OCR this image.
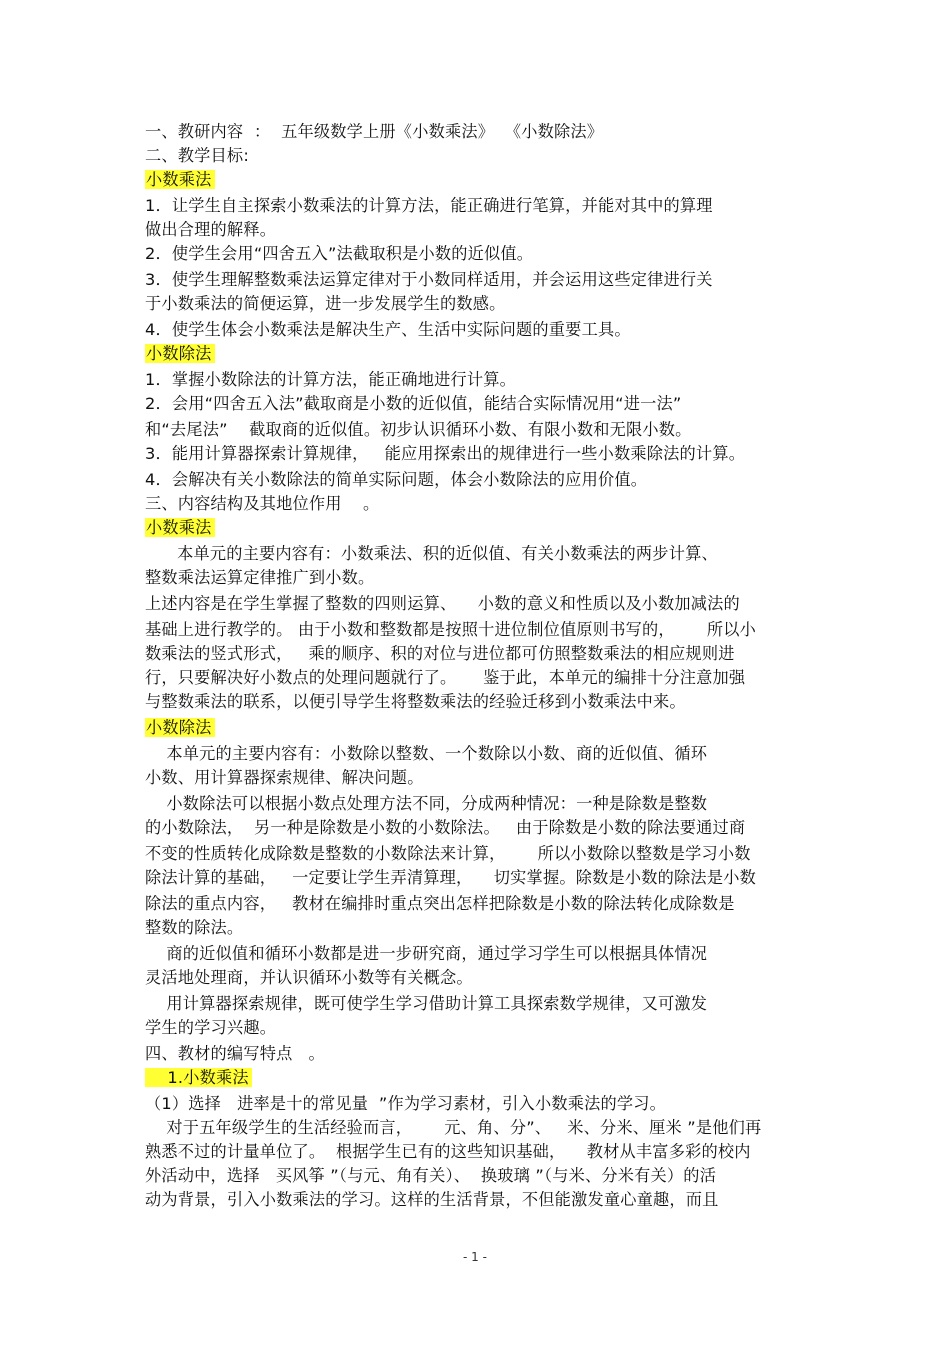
一、教研内容  ：  五年级数学上册《小数乘法》  《小数除法》
二、教学目标:
小数乘法
1．让学生自主探索小数乘法的计算方法，能正确进行笔算，并能对其中的算理
做出合理的解释。
2．使学生会用“四舍五入”法截取积是小数的近似值。
3．使学生理解整数乘法运算定律对于小数同样适用，并会运用这些定律进行关
于小数乘法的简便运算，进一步发展学生的数感。
4．使学生体会小数乘法是解决生产、生活中实际问题的重要工具。
小数除法
1．掌握小数除法的计算方法，能正确地进行计算。
2．会用“四舍五入法”截取商是小数的近似值，能结合实际情况用“进一法”
和“去尾法”    截取商的近似值。初步认识循环小数、有限小数和无限小数。
3．能用计算器探索计算规律，   能应用探索出的规律进行一些小数乘除法的计算。
4．会解决有关小数除法的简单实际问题，体会小数除法的应用价值。
三、内容结构及其地位作用    。
小数乘法
本单元的主要内容有：小数乘法、积的近似值、有关小数乘法的两步计算、
整数乘法运算定律推广到小数。
上述内容是在学生掌握了整数的四则运算、    小数的意义和性质以及小数加减法的
基础上进行教学的。 由于小数和整数都是按照十进位制位值原则书写的，      所以小
数乘法的竖式形式，   乘的顺序、积的对位与进位都可仿照整数乘法的相应规则进
行，只要解决好小数点的处理问题就行了。     鉴于此，本单元的编排十分注意加强
与整数乘法的联系，以便引导学生将整数乘法的经验迁移到小数乘法中来。
小数除法
本单元的主要内容有：小数除以整数、一个数除以小数、商的近似值、循环
小数、用计算器探索规律、解决问题。
小数除法可以根据小数点处理方法不同，分成两种情况：一种是除数是整数
的小数除法，  另一种是除数是小数的小数除法。   由于除数是小数的除法要通过商
不变的性质转化成除数是整数的小数除法来计算，      所以小数除以整数是学习小数
除法计算的基础，   一定要让学生弄清算理，    切实掌握。除数是小数的除法是小数
除法的重点内容，   教材在编排时重点突出怎样把除数是小数的除法转化成除数是
整数的除法。
商的近似值和循环小数都是进一步研究商，通过学习学生可以根据具体情况
灵活地处理商，并认识循环小数等有关概念。
用计算器探索规律，既可使学生学习借助计算工具探索数学规律，又可激发
学生的学习兴趣。
四、教材的编写特点   。
1.小数乘法
（1）选择   进率是十的常见量  ”作为学习素材，引入小数乘法的学习。
对于五年级学生的生活经验而言，      元、角、分”、   米、分米、厘米 ”是他们再
熟悉不过的计量单位了。  根据学生已有的这些知识基础，    教材从丰富多彩的校内
外活动中，选择   买风筝 ”（与元、角有关）、  换玻璃 ”（与米、分米有关）的活
动为背景，引入小数乘法的学习。这样的生活背景，不但能激发童心童趣，而且
- 1 -
